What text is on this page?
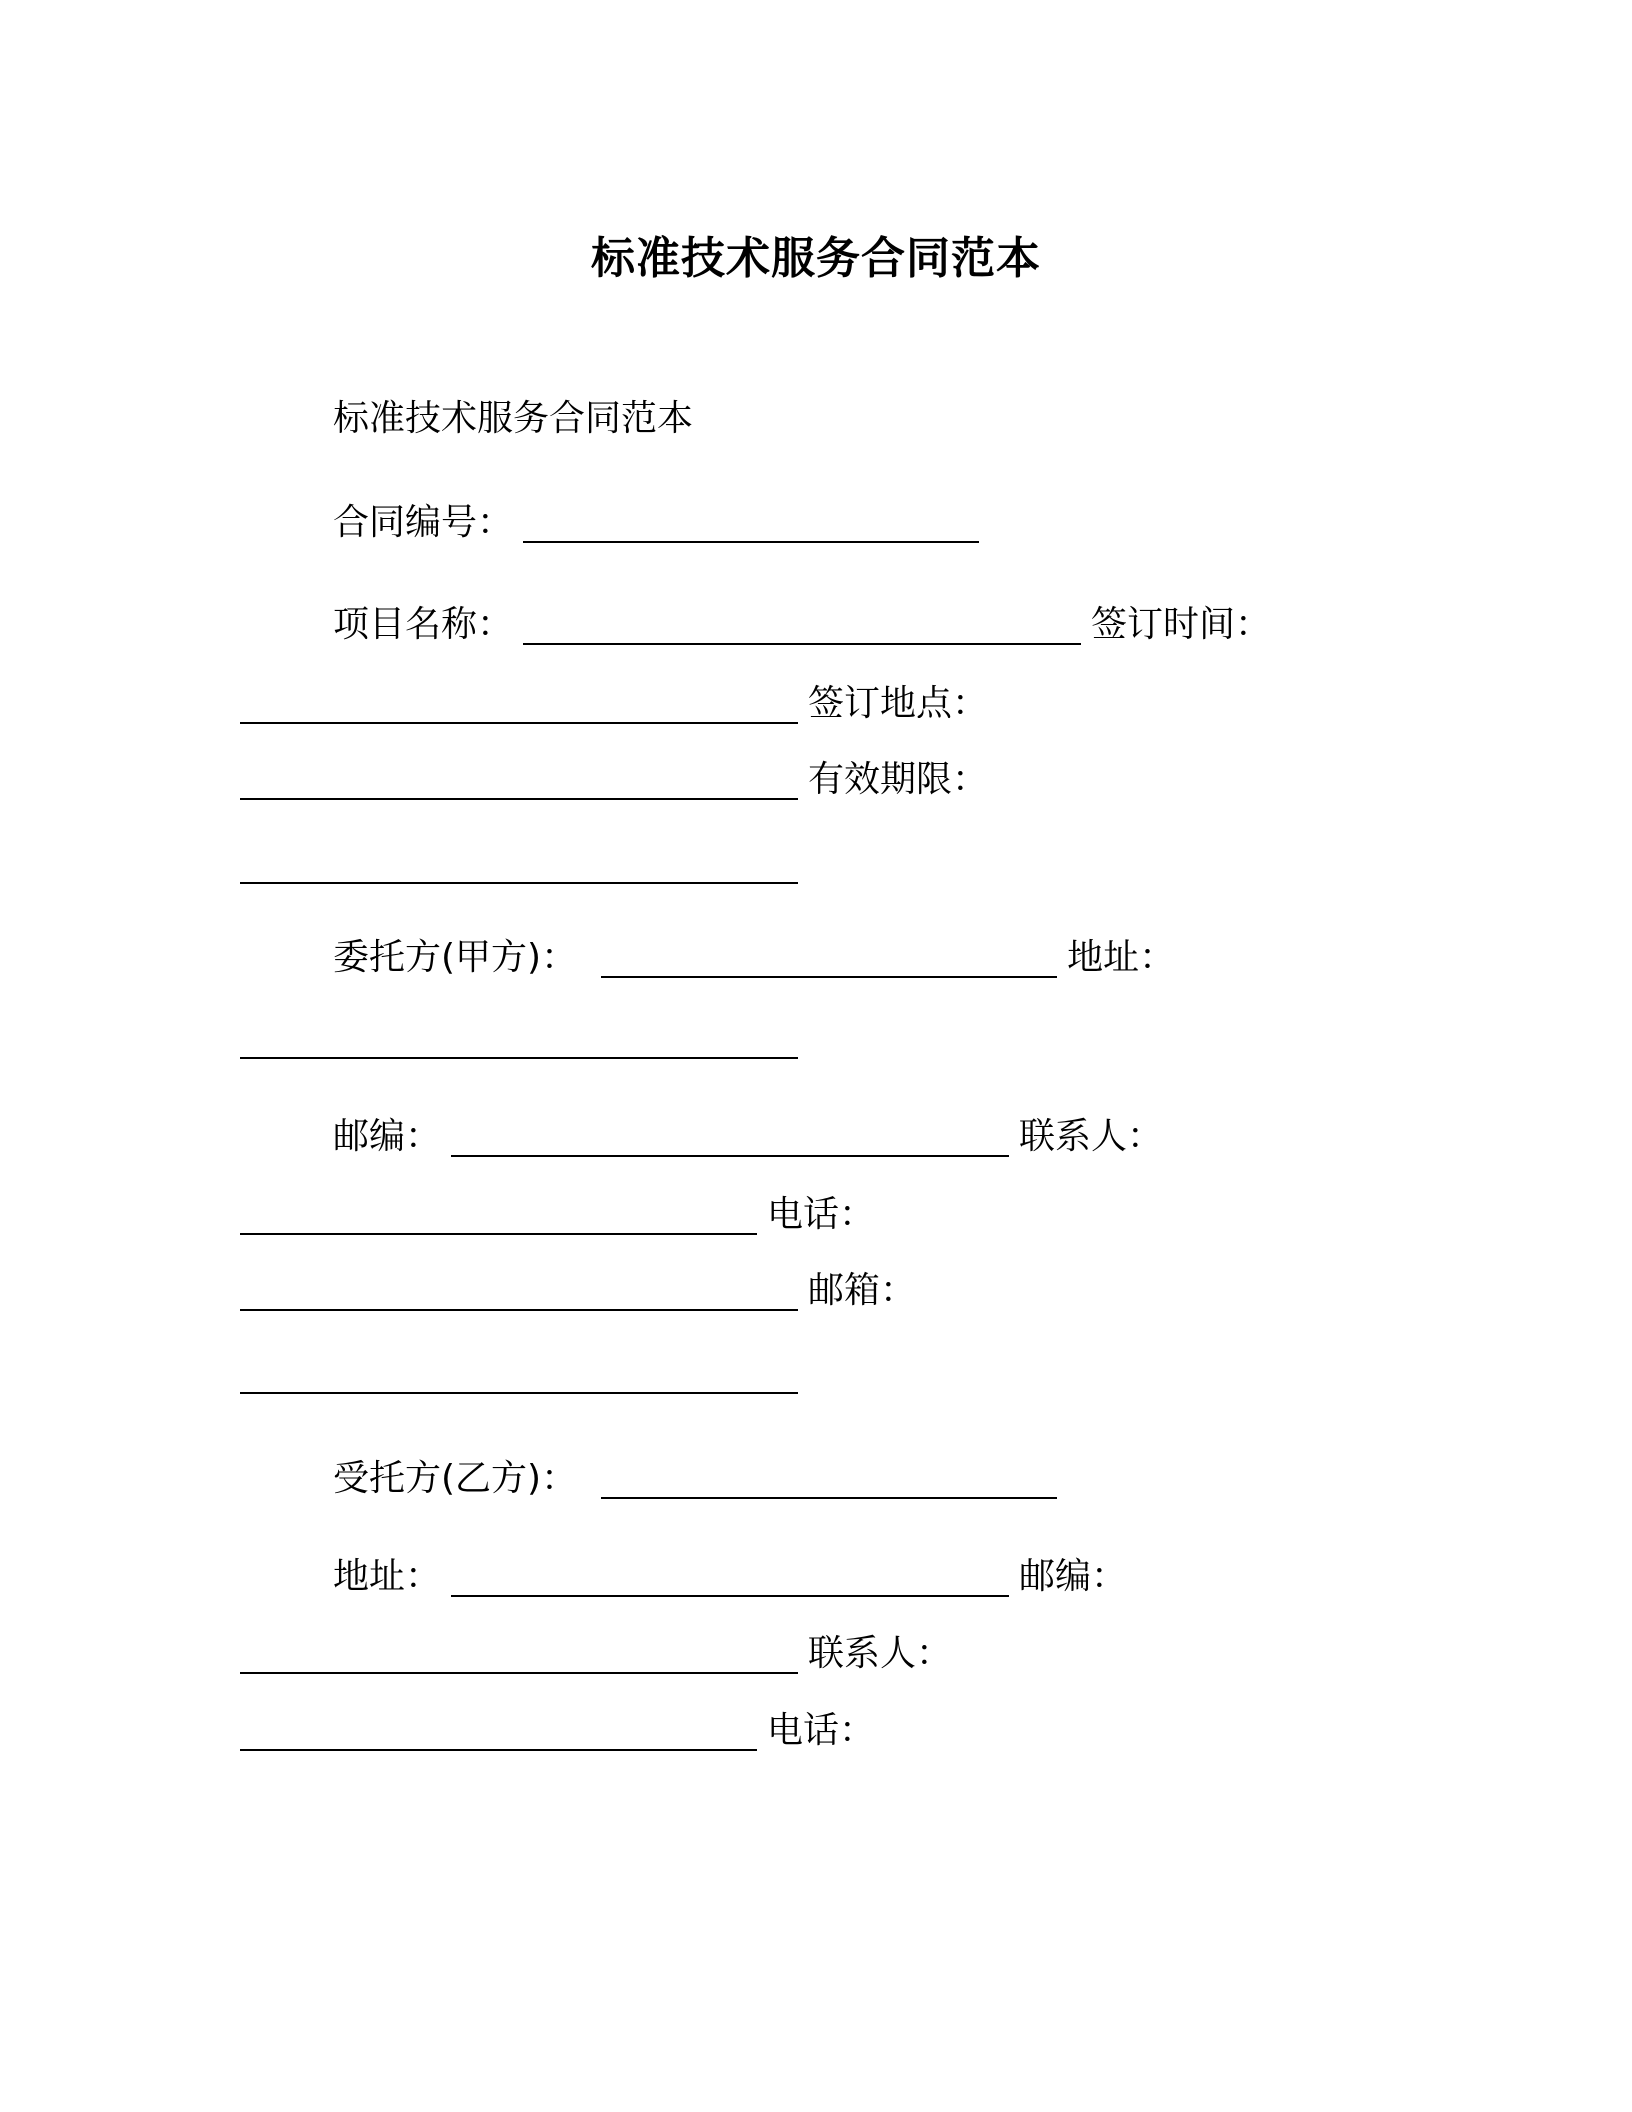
标准技术服务合同范本
标准技术服务合同范本
合同编号：
项目名称：	签订时间：
签订地点：
有效期限：
委托方(甲方)：	地址：
邮编：	联系人：
电话：
邮箱：
受托方(乙方)：
地址：	邮编：
联系人：
电话：
